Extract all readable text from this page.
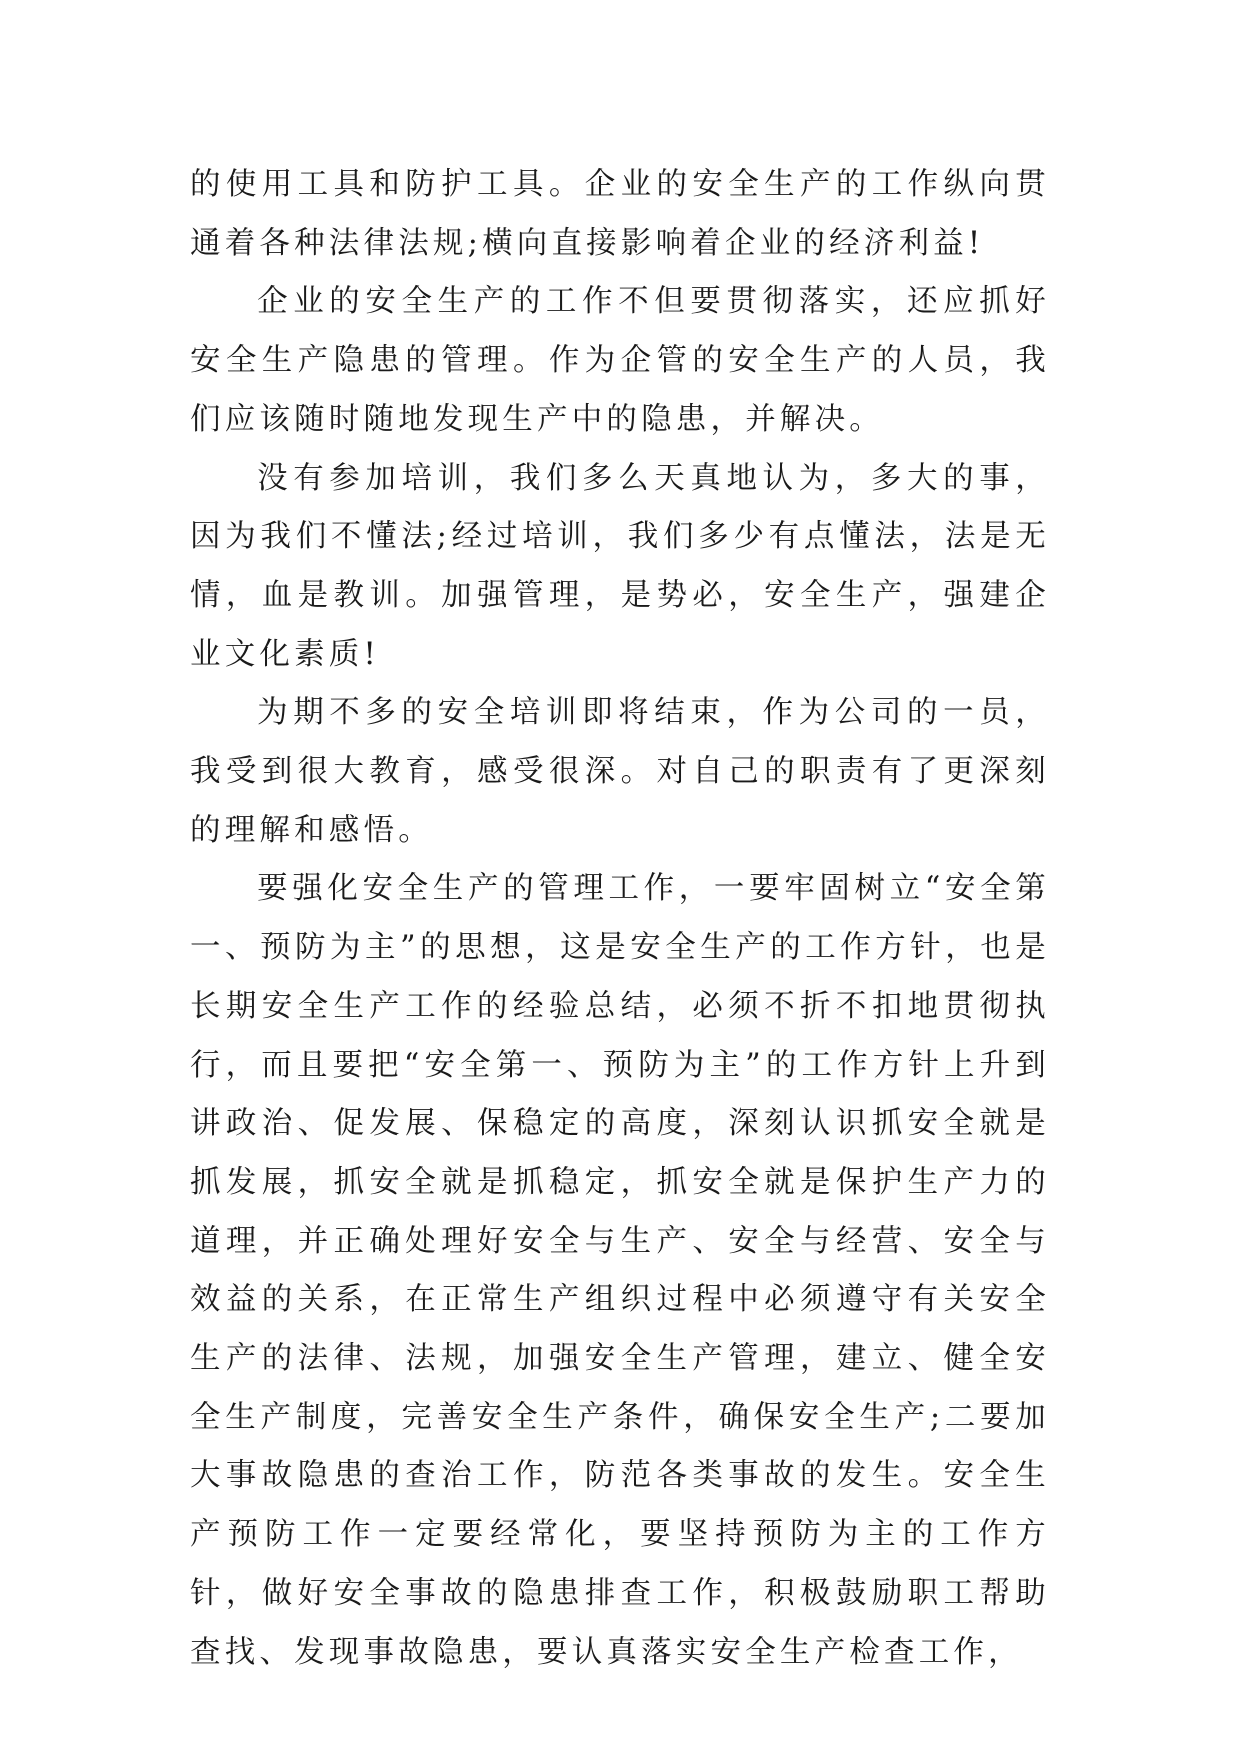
的使用工具和防护工具。企业的安全生产的工作纵向贯通着各种法律法规;横向直接影响着企业的经济利益!

企业的安全生产的工作不但要贯彻落实，还应抓好安全生产隐患的管理。作为企管的安全生产的人员，我们应该随时随地发现生产中的隐患，并解决。

没有参加培训，我们多么天真地认为，多大的事，因为我们不懂法;经过培训，我们多少有点懂法，法是无情，血是教训。加强管理，是势必，安全生产，强建企业文化素质!

为期不多的安全培训即将结束，作为公司的一员，我受到很大教育，感受很深。对自己的职责有了更深刻的理解和感悟。

要强化安全生产的管理工作，一要牢固树立“安全第一、预防为主”的思想，这是安全生产的工作方针，也是长期安全生产工作的经验总结，必须不折不扣地贯彻执行，而且要把“安全第一、预防为主”的工作方针上升到讲政治、促发展、保稳定的高度，深刻认识抓安全就是抓发展，抓安全就是抓稳定，抓安全就是保护生产力的道理，并正确处理好安全与生产、安全与经营、安全与效益的关系，在正常生产组织过程中必须遵守有关安全生产的法律、法规，加强安全生产管理，建立、健全安全生产制度，完善安全生产条件，确保安全生产;二要加大事故隐患的查治工作，防范各类事故的发生。安全生产预防工作一定要经常化，要坚持预防为主的工作方针，做好安全事故的隐患排查工作，积极鼓励职工帮助查找、发现事故隐患，要认真落实安全生产检查工作，
